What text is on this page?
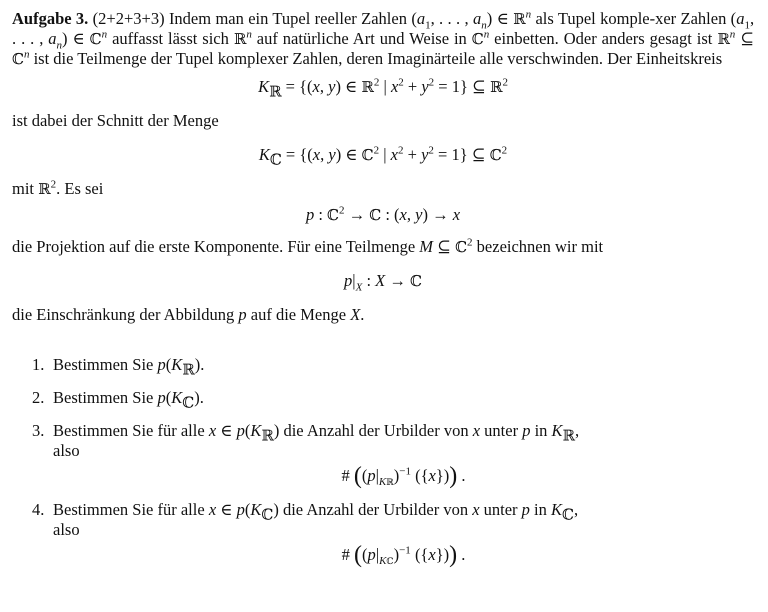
Aufgabe 3. (2+2+3+3) Indem man ein Tupel reeller Zahlen ($a_1$, . . . , $a_n$) ∈ ℝ$^n$ als Tupel komple-xer Zahlen ($a_1$, . . . , $a_n$) ∈ ℂ$^n$ auffasst lässt sich ℝ$^n$ auf natürliche Art und Weise in ℂ$^n$ einbetten. Oder anders gesagt ist ℝ$^n$ ⊆ ℂ$^n$ ist die Teilmenge der Tupel komplexer Zahlen, deren Imaginärteile alle verschwinden. Der Einheitskreis

$K_ℝ = \{(x$, y) ∈ ℝ$^2$ | $x^2 + y^2 = 1$} ⊆ ℝ$^2$

ist dabei der Schnitt der Menge

$K_ℂ = \{(x$, y) ∈ ℂ$^2$ | $x^2 + y^2 = 1$} ⊆ ℂ$^2$

mit ℝ$^2$. Es sei

p : ℂ$^2$ → ℂ : (x, y) → x

die Projektion auf die erste Komponente. Für eine Teilmenge M ⊆ ℂ$^2$ bezeichnen wir mit

$p|_X$ : X → ℂ

die Einschränkung der Abbildung p auf die Menge X.

1. Bestimmen Sie $p(K_ℝ)$.
2. Bestimmen Sie $p(K_ℂ)$.
3. Bestimmen Sie für alle x ∈ $p(K_ℝ)$ die Anzahl der Urbilder von x unter p in $K_ℝ$,
also
# ($(p|_{Kℝ})^{-1}$ ({x})) .
4. Bestimmen Sie für alle x ∈ $p(K_ℂ)$ die Anzahl der Urbilder von x unter p in $K_ℂ$,
also
# ($(p|_{Kℂ})^{-1}$ ({x})) .
